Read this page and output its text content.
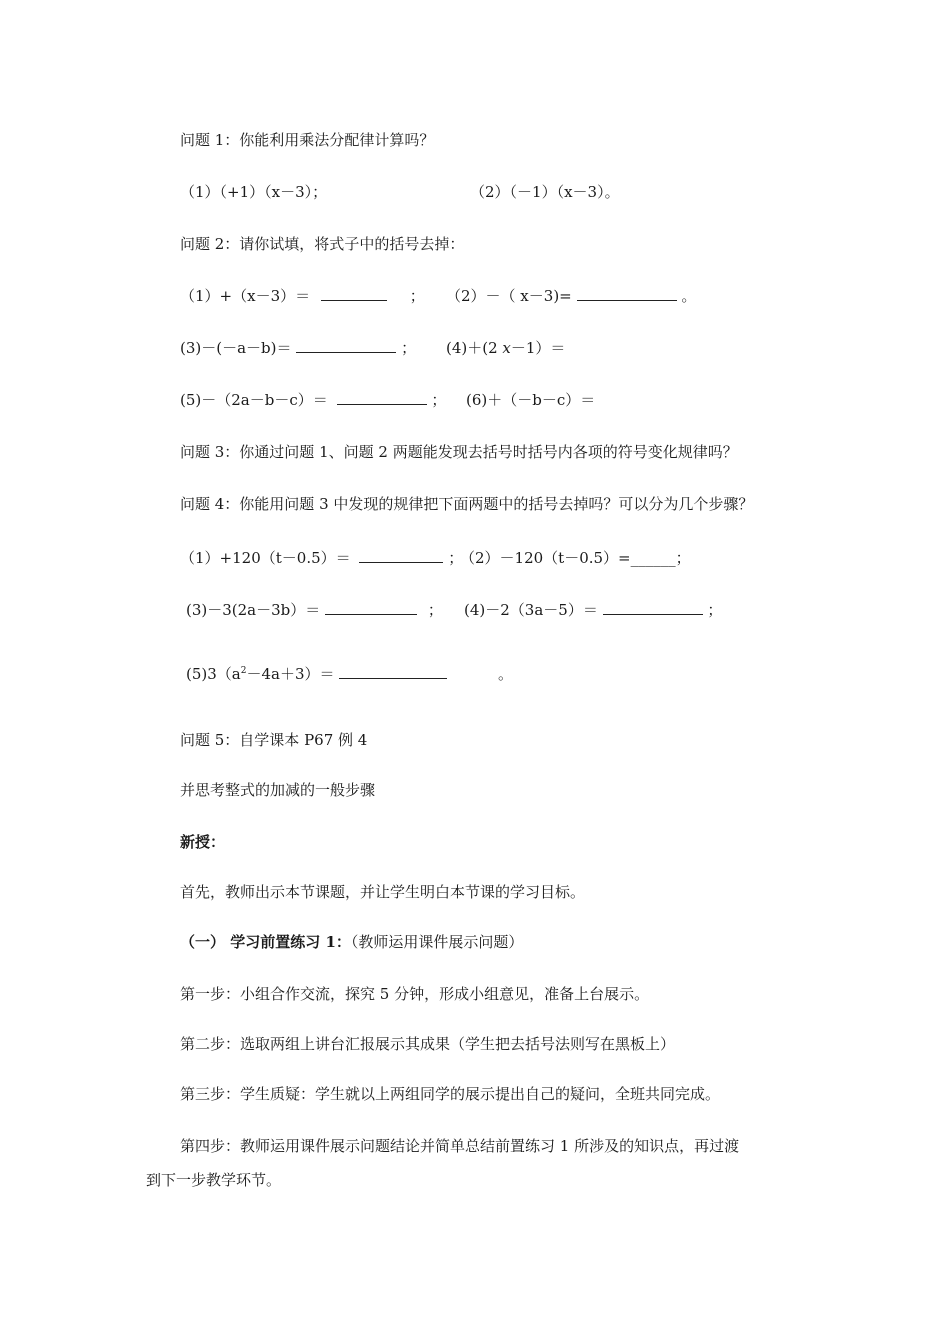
问题 1：你能利用乘法分配律计算吗？
（1）（+1）（x－3）；	（2）（－1）（x－3）。
问题 2：请你试填，将式子中的括号去掉：
（1）+（x－3）＝	； （2）－（ x－3)=	。
(3)－(－a－b)＝	； (4)＋(2 x－1）＝
(5)－（2a－b－c）＝	； (6)＋（－b－c）＝
问题 3：你通过问题 1、问题 2 两题能发现去括号时括号内各项的符号变化规律吗？
问题 4：你能用问题 3 中发现的规律把下面两题中的括号去掉吗？可以分为几个步骤？
（1）+120（t－0.5）＝	；
（2）－120（t－0.5）=______；
(3)－3(2a－3b）＝	； (4)－2（3a－5）＝	；
$(5)3(a^2-4a+3)=$	。
问题 5：自学课本 P67 例 4
并思考整式的加减的一般步骤
新授：
首先，教师出示本节课题，并让学生明白本节课的学习目标。
（一） 学习前置练习 1：（教师运用课件展示问题）
第一步：小组合作交流，探究 5 分钟，形成小组意见，准备上台展示。
第二步：选取两组上讲台汇报展示其成果（学生把去括号法则写在黑板上）
第三步：学生质疑：学生就以上两组同学的展示提出自己的疑问，全班共同完成。
第四步：教师运用课件展示问题结论并简单总结前置练习 1 所涉及的知识点，再过渡
到下一步教学环节。
